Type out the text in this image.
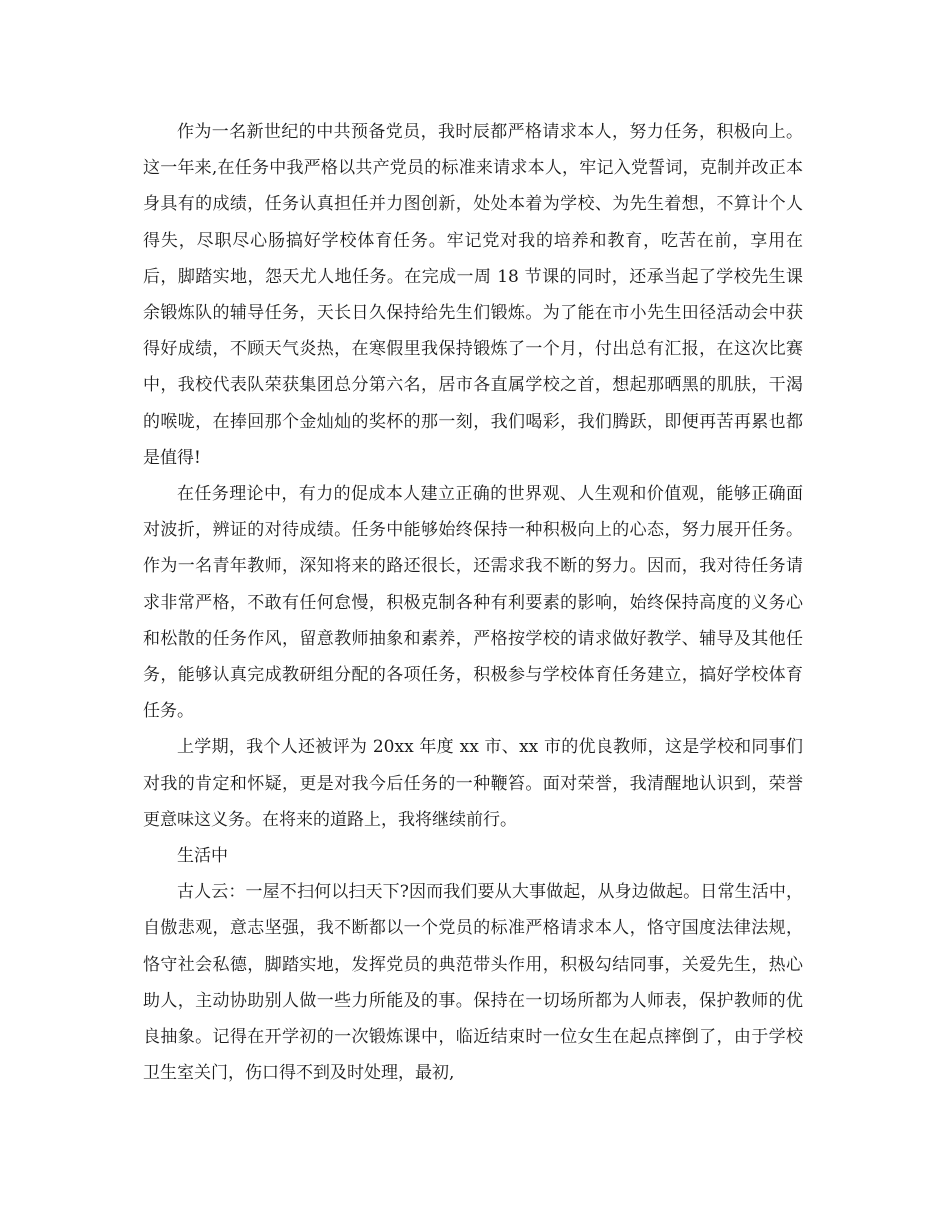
作为一名新世纪的中共预备党员，我时辰都严格请求本人，努力任务，积极向上。这一年来,在任务中我严格以共产党员的标准来请求本人，牢记入党誓词，克制并改正本身具有的成绩，任务认真担任并力图创新，处处本着为学校、为先生着想，不算计个人得失，尽职尽心肠搞好学校体育任务。牢记党对我的培养和教育，吃苦在前，享用在后，脚踏实地，怨天尤人地任务。在完成一周 18 节课的同时，还承当起了学校先生课余锻炼队的辅导任务，天长日久保持给先生们锻炼。为了能在市小先生田径活动会中获得好成绩，不顾天气炎热，在寒假里我保持锻炼了一个月，付出总有汇报，在这次比赛中，我校代表队荣获集团总分第六名，居市各直属学校之首，想起那晒黑的肌肤，干渴的喉咙，在捧回那个金灿灿的奖杯的那一刻，我们喝彩，我们腾跃，即便再苦再累也都是值得!

在任务理论中，有力的促成本人建立正确的世界观、人生观和价值观，能够正确面对波折，辨证的对待成绩。任务中能够始终保持一种积极向上的心态，努力展开任务。作为一名青年教师，深知将来的路还很长，还需求我不断的努力。因而，我对待任务请求非常严格，不敢有任何怠慢，积极克制各种有利要素的影响，始终保持高度的义务心和松散的任务作风，留意教师抽象和素养，严格按学校的请求做好教学、辅导及其他任务，能够认真完成教研组分配的各项任务，积极参与学校体育任务建立，搞好学校体育任务。

上学期，我个人还被评为 20xx 年度 xx 市、xx 市的优良教师，这是学校和同事们对我的肯定和怀疑，更是对我今后任务的一种鞭笞。面对荣誉，我清醒地认识到，荣誉更意味这义务。在将来的道路上，我将继续前行。

生活中

古人云：一屋不扫何以扫天下?因而我们要从大事做起，从身边做起。日常生活中，自傲悲观，意志坚强，我不断都以一个党员的标准严格请求本人，恪守国度法律法规，恪守社会私德，脚踏实地，发挥党员的典范带头作用，积极勾结同事，关爱先生，热心助人，主动协助别人做一些力所能及的事。保持在一切场所都为人师表，保护教师的优良抽象。记得在开学初的一次锻炼课中，临近结束时一位女生在起点摔倒了，由于学校卫生室关门，伤口得不到及时处理，最初,
